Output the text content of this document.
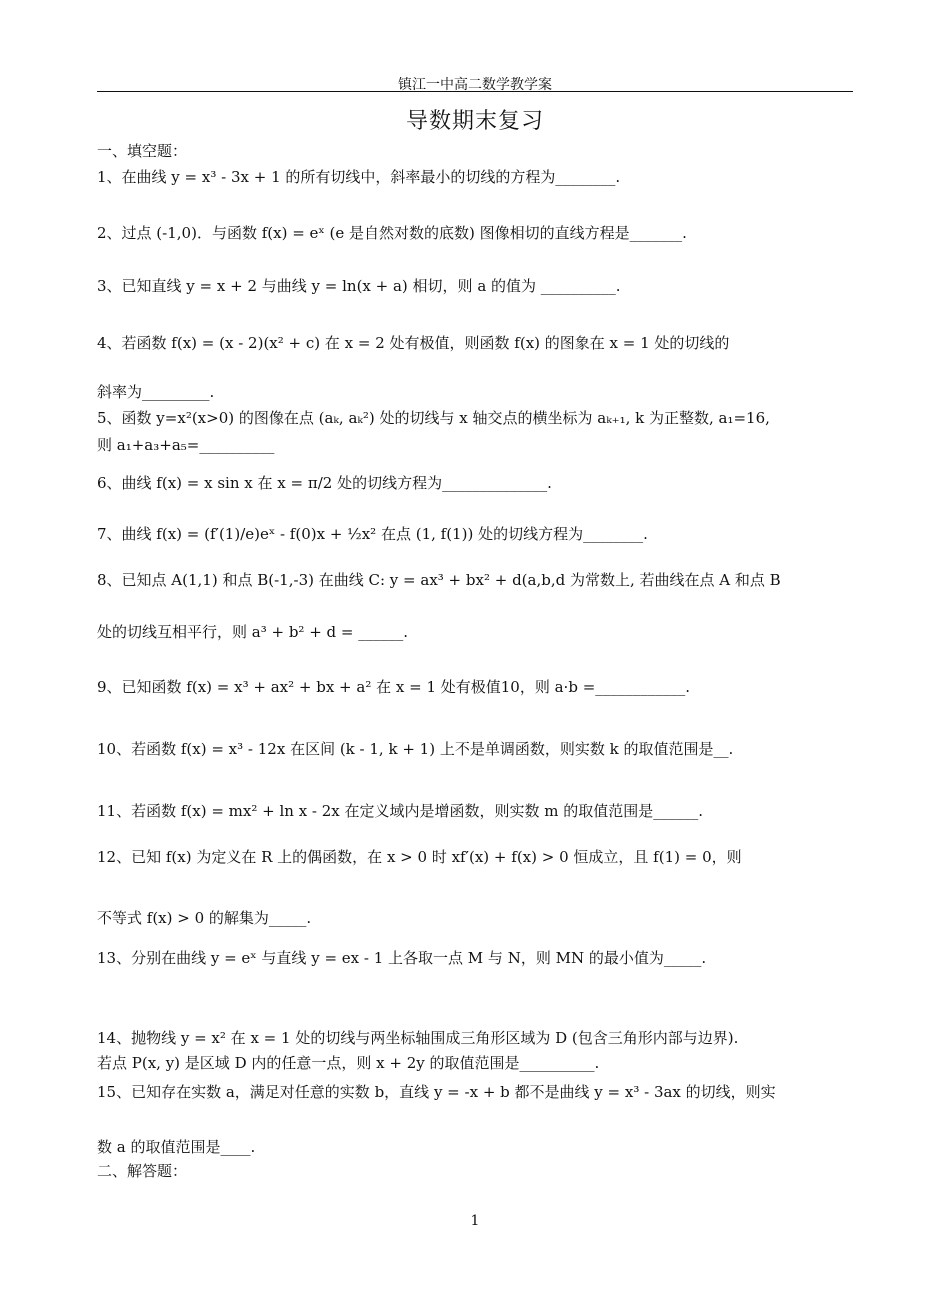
镇江一中高二数学教学案
导数期末复习
一、填空题：
1、在曲线 y = x³ - 3x + 1 的所有切线中，斜率最小的切线的方程为________.
2、过点 (-1,0)．与函数 f(x) = eˣ (e 是自然对数的底数) 图像相切的直线方程是_______.
3、已知直线 y = x + 2 与曲线 y = ln(x + a) 相切，则 a 的值为 __________.
4、若函数 f(x) = (x - 2)(x² + c) 在 x = 2 处有极值，则函数 f(x) 的图象在 x = 1 处的切线的
斜率为_________.
5、函数 y=x²(x>0) 的图像在点 (aₖ, aₖ²) 处的切线与 x 轴交点的横坐标为 aₖ₊₁, k 为正整数, a₁=16,
则 a₁+a₃+a₅=__________
6、曲线 f(x) = x sin x 在 x = π/2 处的切线方程为______________.
7、曲线 f(x) = (f′(1)/e)eˣ - f(0)x + ½x² 在点 (1, f(1)) 处的切线方程为________.
8、已知点 A(1,1) 和点 B(-1,-3) 在曲线 C: y = ax³ + bx² + d(a,b,d 为常数上, 若曲线在点 A 和点 B
处的切线互相平行，则 a³ + b² + d = ______.
9、已知函数 f(x) = x³ + ax² + bx + a² 在 x = 1 处有极值10，则 a·b =____________.
10、若函数 f(x) = x³ - 12x 在区间 (k - 1, k + 1) 上不是单调函数，则实数 k 的取值范围是__.
11、若函数 f(x) = mx² + ln x - 2x 在定义域内是增函数，则实数 m 的取值范围是______.
12、已知 f(x) 为定义在 R 上的偶函数，在 x > 0 时 xf′(x) + f(x) > 0 恒成立，且 f(1) = 0，则
不等式 f(x) > 0 的解集为_____.
13、分别在曲线 y = eˣ 与直线 y = ex - 1 上各取一点 M 与 N，则 MN 的最小值为_____.
14、抛物线 y = x² 在 x = 1 处的切线与两坐标轴围成三角形区域为 D (包含三角形内部与边界).
若点 P(x, y) 是区域 D 内的任意一点，则 x + 2y 的取值范围是__________.
15、已知存在实数 a，满足对任意的实数 b，直线 y = -x + b 都不是曲线 y = x³ - 3ax 的切线，则实
数 a 的取值范围是____.
二、解答题：
1
